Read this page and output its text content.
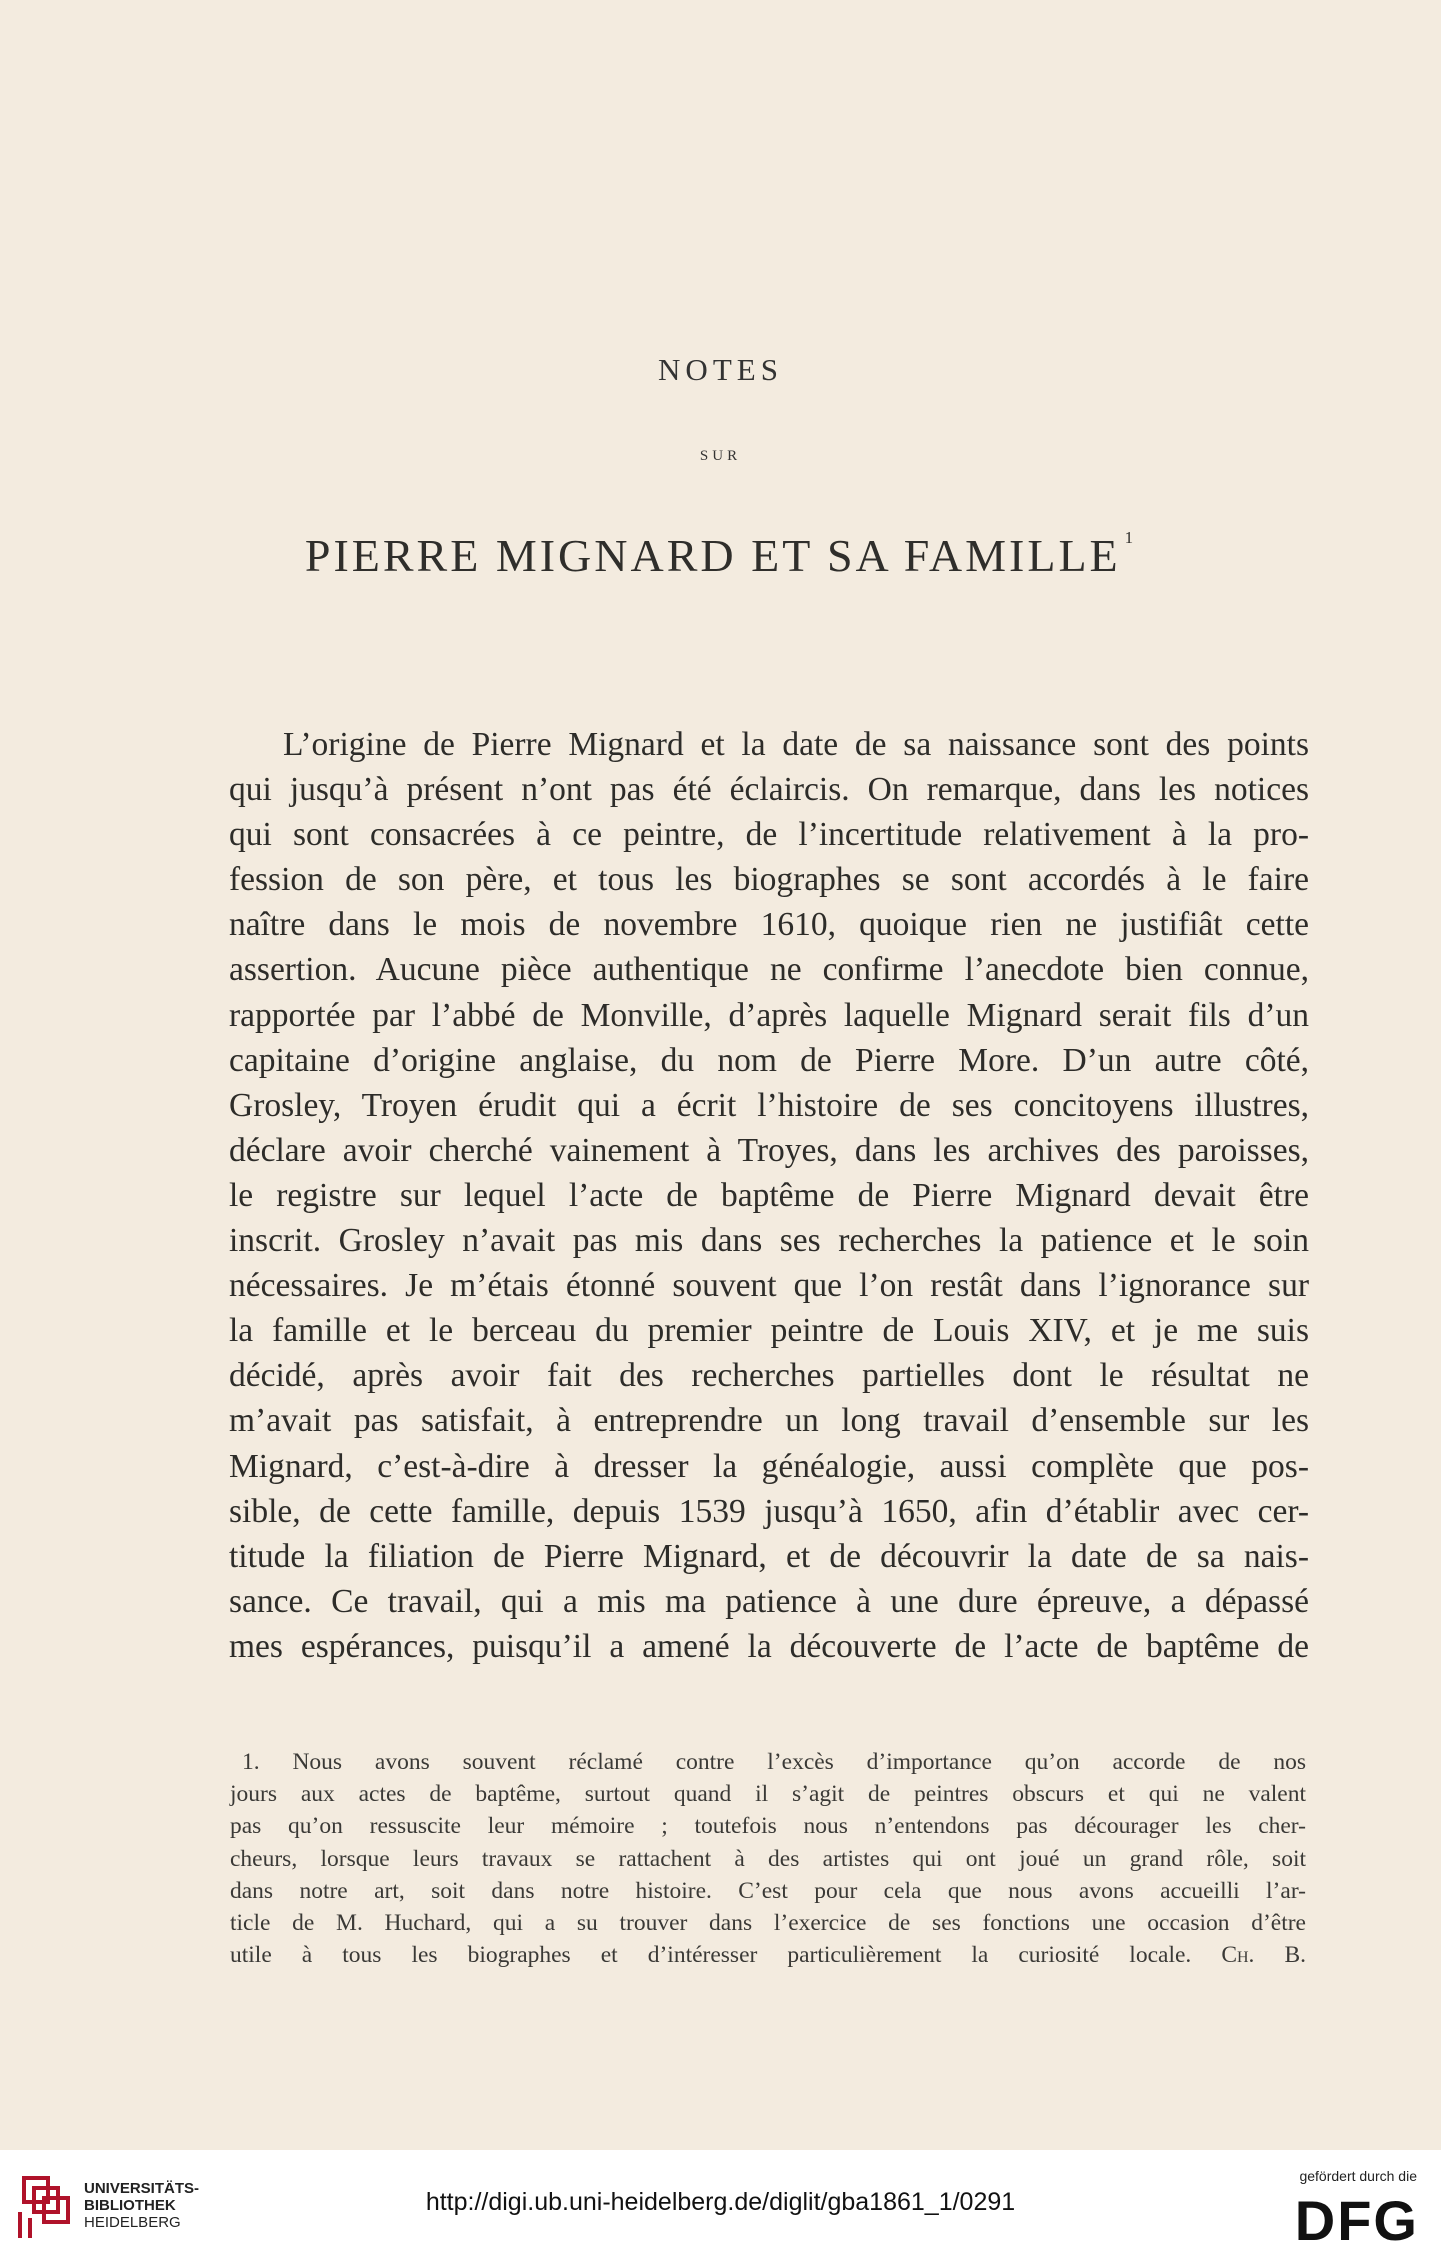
NOTES
SUR
PIERRE MIGNARD ET SA FAMILLE $^1$
L’origine de Pierre Mignard et la date de sa naissance sont des points
qui jusqu’à présent n’ont pas été éclaircis. On remarque, dans les notices
qui sont consacrées à ce peintre, de l’incertitude relativement à la pro-
fession de son père, et tous les biographes se sont accordés à le faire
naître dans le mois de novembre 1610, quoique rien ne justifiât cette
assertion. Aucune pièce authentique ne confirme l’anecdote bien connue,
rapportée par l’abbé de Monville, d’après laquelle Mignard serait fils d’un
capitaine d’origine anglaise, du nom de Pierre More. D’un autre côté,
Grosley, Troyen érudit qui a écrit l’histoire de ses concitoyens illustres,
déclare avoir cherché vainement à Troyes, dans les archives des paroisses,
le registre sur lequel l’acte de baptême de Pierre Mignard devait être
inscrit. Grosley n’avait pas mis dans ses recherches la patience et le soin
nécessaires. Je m’étais étonné souvent que l’on restât dans l’ignorance sur
la famille et le berceau du premier peintre de Louis XIV, et je me suis
décidé, après avoir fait des recherches partielles dont le résultat ne
m’avait pas satisfait, à entreprendre un long travail d’ensemble sur les
Mignard, c’est-à-dire à dresser la généalogie, aussi complète que pos-
sible, de cette famille, depuis 1539 jusqu’à 1650, afin d’établir avec cer-
titude la filiation de Pierre Mignard, et de découvrir la date de sa nais-
sance. Ce travail, qui a mis ma patience à une dure épreuve, a dépassé
mes espérances, puisqu’il a amené la découverte de l’acte de baptême de
1. Nous avons souvent réclamé contre l’excès d’importance qu’on accorde de nos
jours aux actes de baptême, surtout quand il s’agit de peintres obscurs et qui ne valent
pas qu’on ressuscite leur mémoire ; toutefois nous n’entendons pas décourager les cher-
cheurs, lorsque leurs travaux se rattachent à des artistes qui ont joué un grand rôle, soit
dans notre art, soit dans notre histoire. C’est pour cela que nous avons accueilli l’ar-
ticle de M. Huchard, qui a su trouver dans l’exercice de ses fonctions une occasion d’être
utile à tous les biographes et d’intéresser particulièrement la curiosité locale. Ch. B.
UNIVERSITÄTS-
BIBLIOTHEK
HEIDELBERG
http://digi.ub.uni-heidelberg.de/diglit/gba1861_1/0291
gefördert durch die
DFG
